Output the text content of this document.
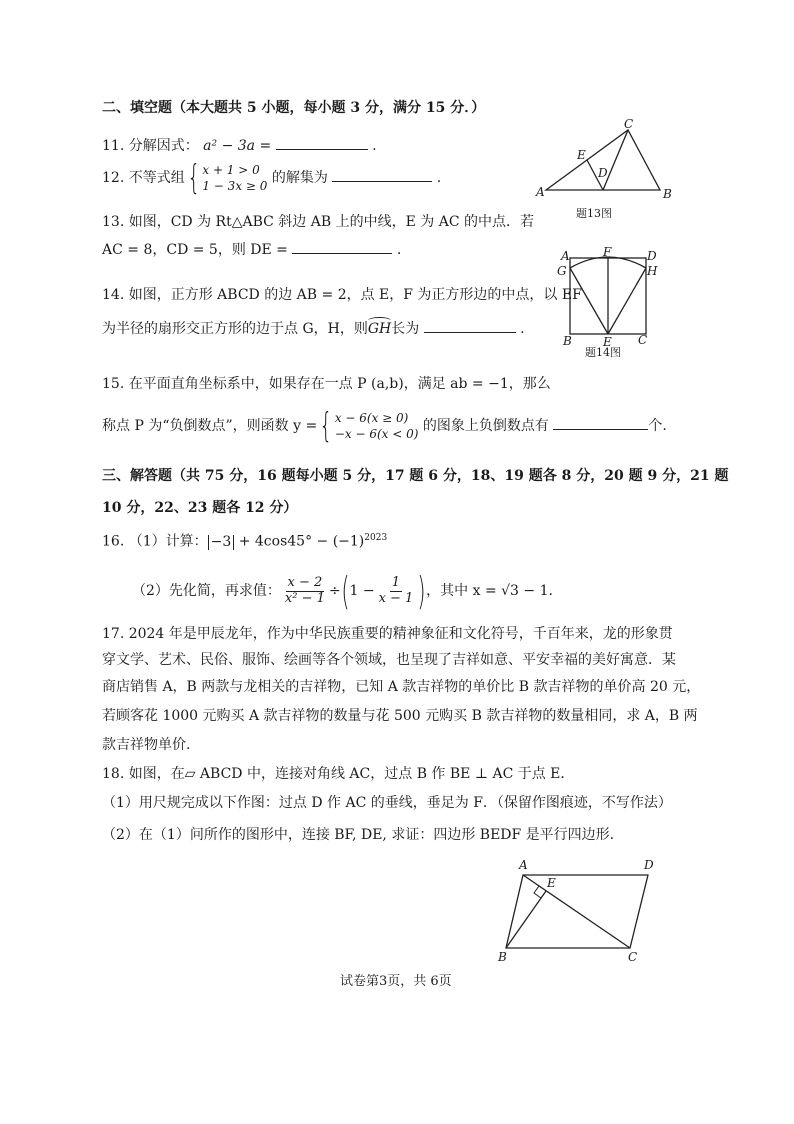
二、填空题（本大题共 5 小题，每小题 3 分，满分 15 分．）
11. 分解因式： a² − 3a =	.
12. 不等式组{ x + 1 > 0
1 − 3x ≥ 0 的解集为	.
13. 如图，CD 为 Rt△ABC 斜边 AB 上的中线，E 为 AC 的中点．若
AC = 8，CD = 5，则 DE =	.
14. 如图，正方形 ABCD 的边 AB = 2，点 E，F 为正方形边的中点，以 EF
为半径的扇形交正方形的边于点 G，H，则
GH长为	.
15. 在平面直角坐标系中，如果存在一点 P (a,b)，满足 ab = −1，那么
称点 P 为“负倒数点”，则函数 y ={ x − 6(x ≥ 0)
−x − 6(x < 0) 的图象上负倒数点有	个.
三、解答题（共 75 分，16 题每小题 5 分，17 题 6 分，18、19 题各 8 分，20 题 9 分，21 题
10 分，22、23 题各 12 分）
16. （1）计算： $-3 + 4\cos 45^\circ - (-1)^{2023}$
（2）先化简，再求值： $\frac{x - 2}{\text{x² − 1}} \div(1 - \frac{1}{x - 1}$ )，其中 x = √3 − 1.
17. 2024 年是甲辰龙年，作为中华民族重要的精神象征和文化符号，千百年来，龙的形象贯
穿文学、艺术、民俗、服饰、绘画等各个领域，也呈现了吉祥如意、平安幸福的美好寓意．某
商店销售 A，B 两款与龙相关的吉祥物，已知 A 款吉祥物的单价比 B 款吉祥物的单价高 20 元，
若顾客花 1000 元购买 A 款吉祥物的数量与花 500 元购买 B 款吉祥物的数量相同，求 A，B 两
款吉祥物单价.
18. 如图，在▱ ABCD 中，连接对角线 AC，过点 B 作 BE ⊥ AC 于点 E．
（1）用尺规完成以下作图：过点 D 作 AC 的垂线，垂足为 F．（保留作图痕迹，不写作法）
（2）在（1）问所作的图形中，连接 BF, DE, 求证：四边形 BEDF 是平行四边形.
A	B
C
D
E
题13图
A
B	C
D
E
F
G	H
题14图
A
B	C
D
E
试卷第3页，共 6页
